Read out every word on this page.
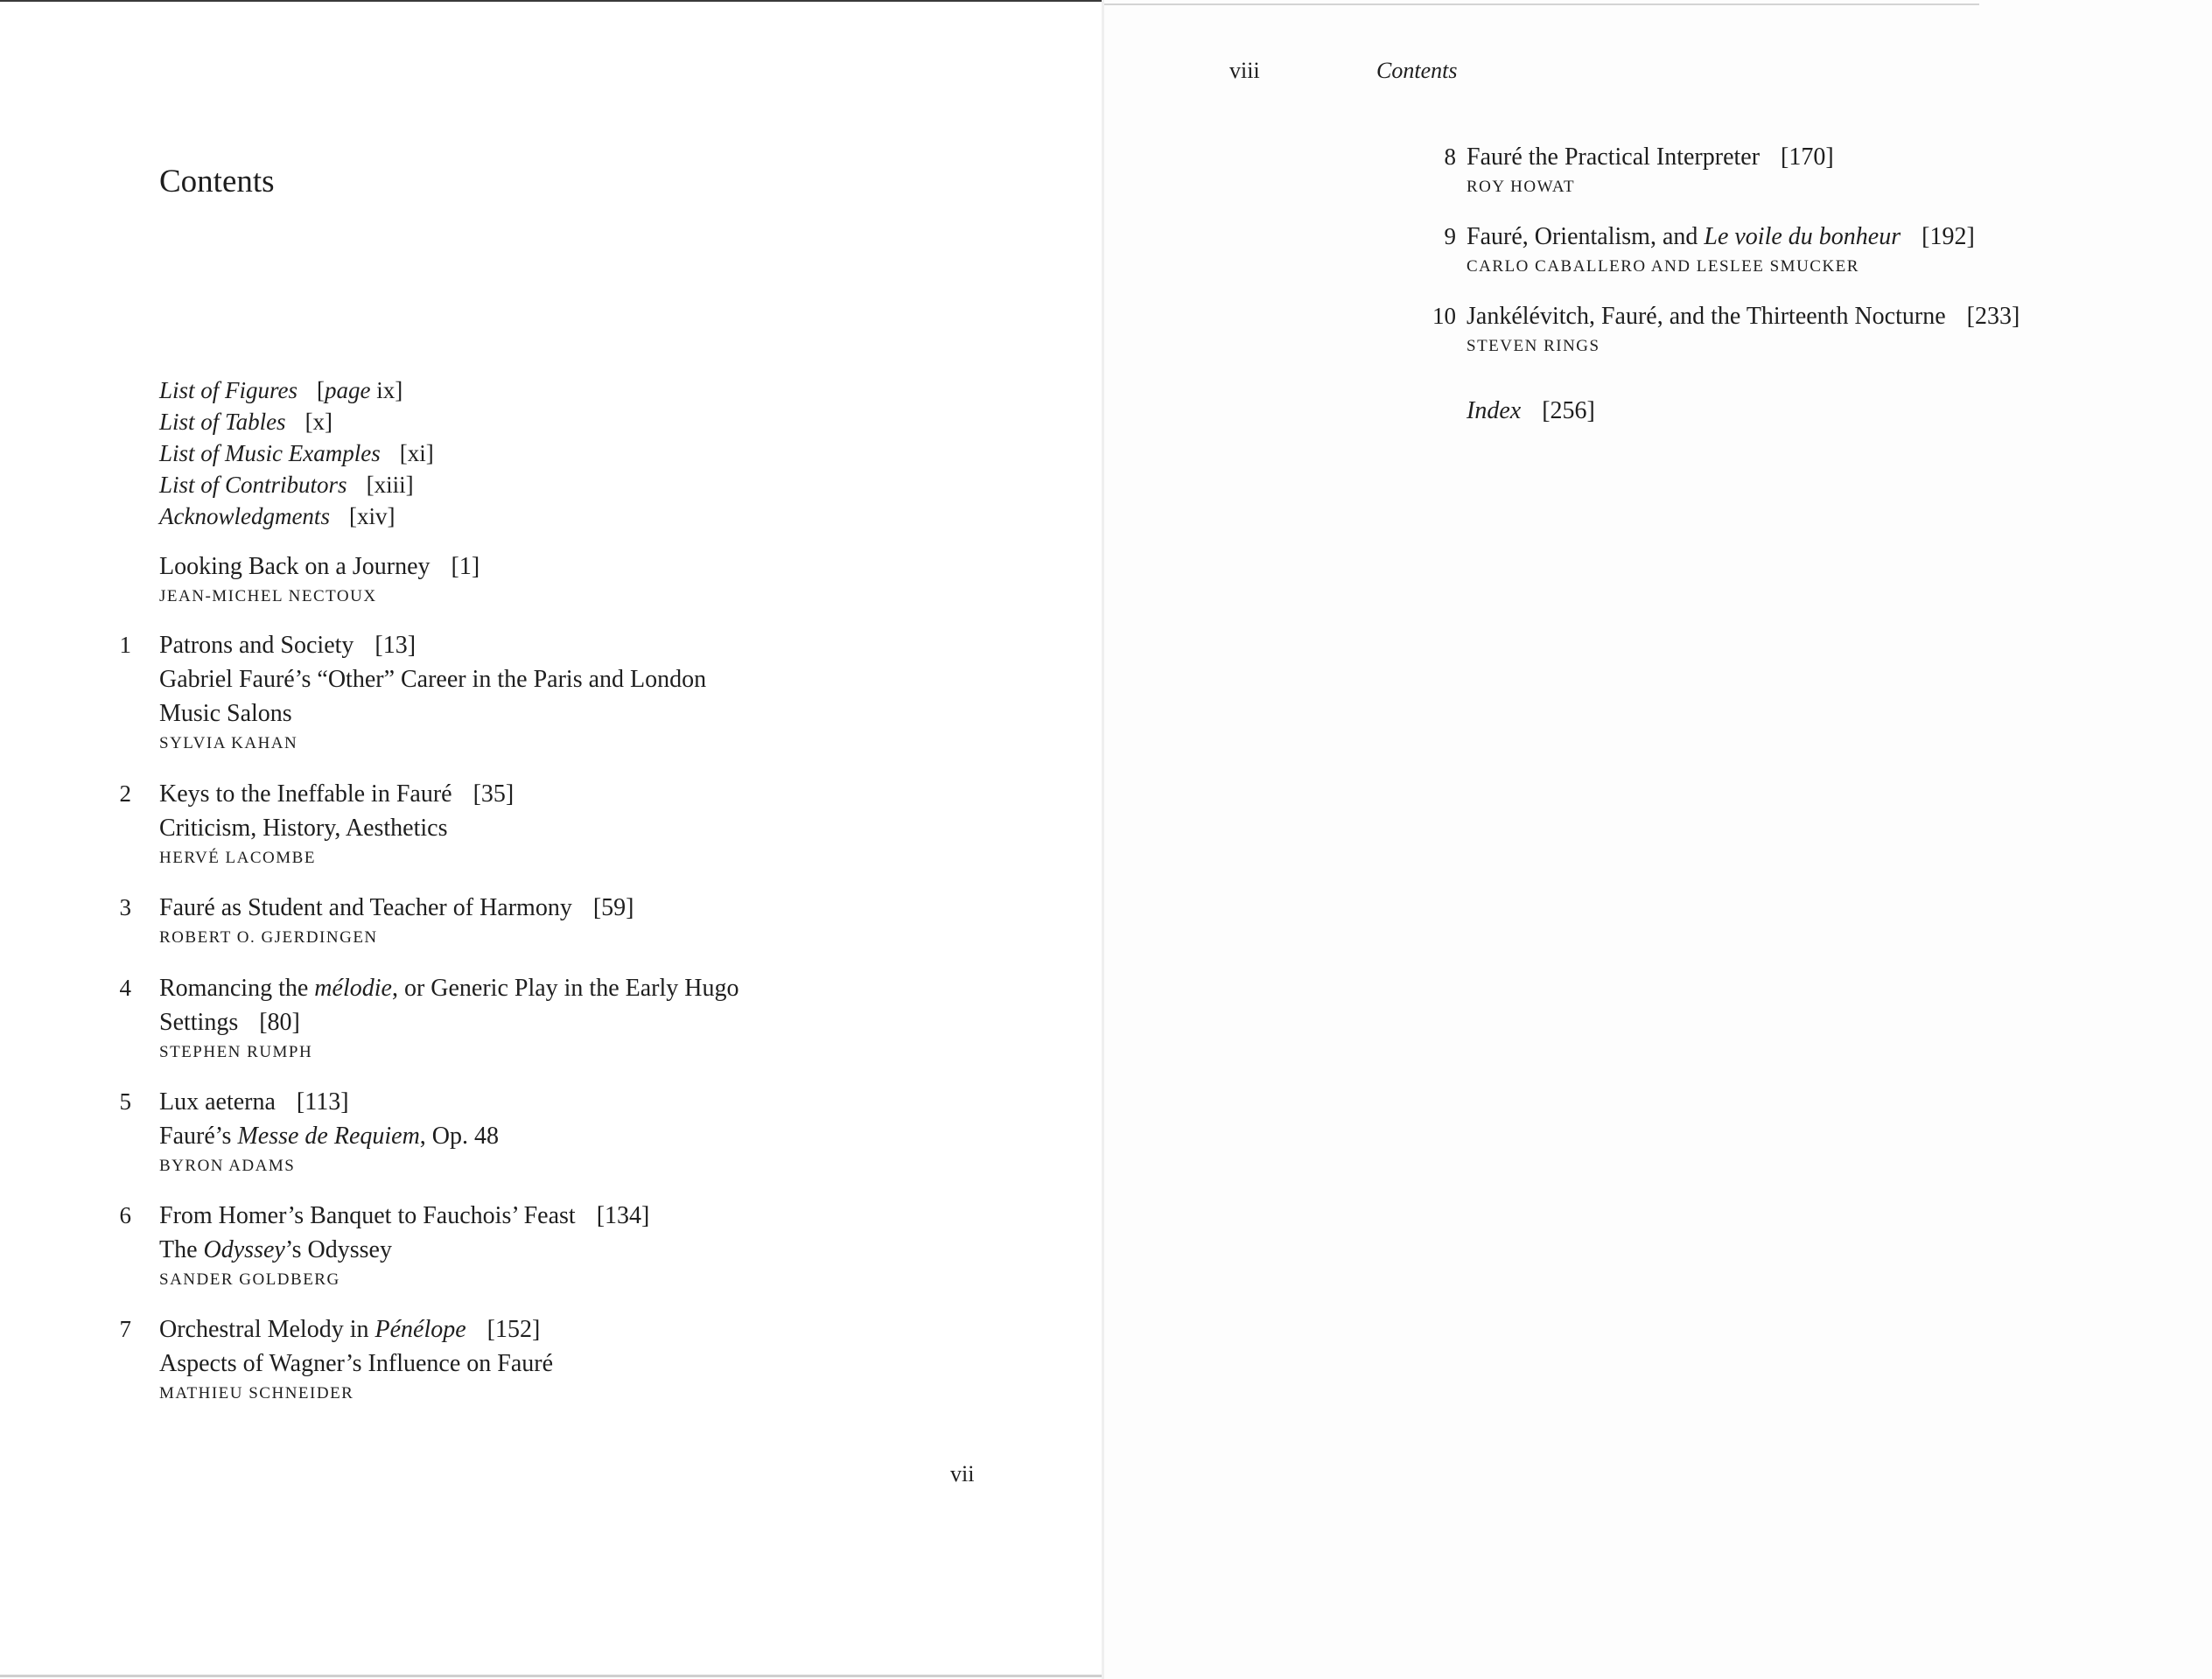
Contents
List of Figures [page ix]
List of Tables [x]
List of Music Examples [xi]
List of Contributors [xiii]
Acknowledgments [xiv]
Looking Back on a Journey [1]
JEAN-MICHEL NECTOUX
1 Patrons and Society [13]
Gabriel Fauré’s “Other” Career in the Paris and London
Music Salons
SYLVIA KAHAN
2 Keys to the Ineffable in Fauré [35]
Criticism, History, Aesthetics
HERVÉ LACOMBE
3 Fauré as Student and Teacher of Harmony [59]
ROBERT O. GJERDINGEN
4 Romancing the mélodie, or Generic Play in the Early Hugo
Settings [80]
STEPHEN RUMPH
5 Lux aeterna [113]
Fauré’s Messe de Requiem, Op. 48
BYRON ADAMS
6 From Homer’s Banquet to Fauchois’ Feast [134]
The Odyssey’s Odyssey
SANDER GOLDBERG
7 Orchestral Melody in Pénélope [152]
Aspects of Wagner’s Influence on Fauré
MATHIEU SCHNEIDER
vii
viii	Contents
8 Fauré the Practical Interpreter [170]
ROY HOWAT
9 Fauré, Orientalism, and Le voile du bonheur [192]
CARLO CABALLERO AND LESLEE SMUCKER
10 Jankélévitch, Fauré, and the Thirteenth Nocturne [233]
STEVEN RINGS
Index [256]
